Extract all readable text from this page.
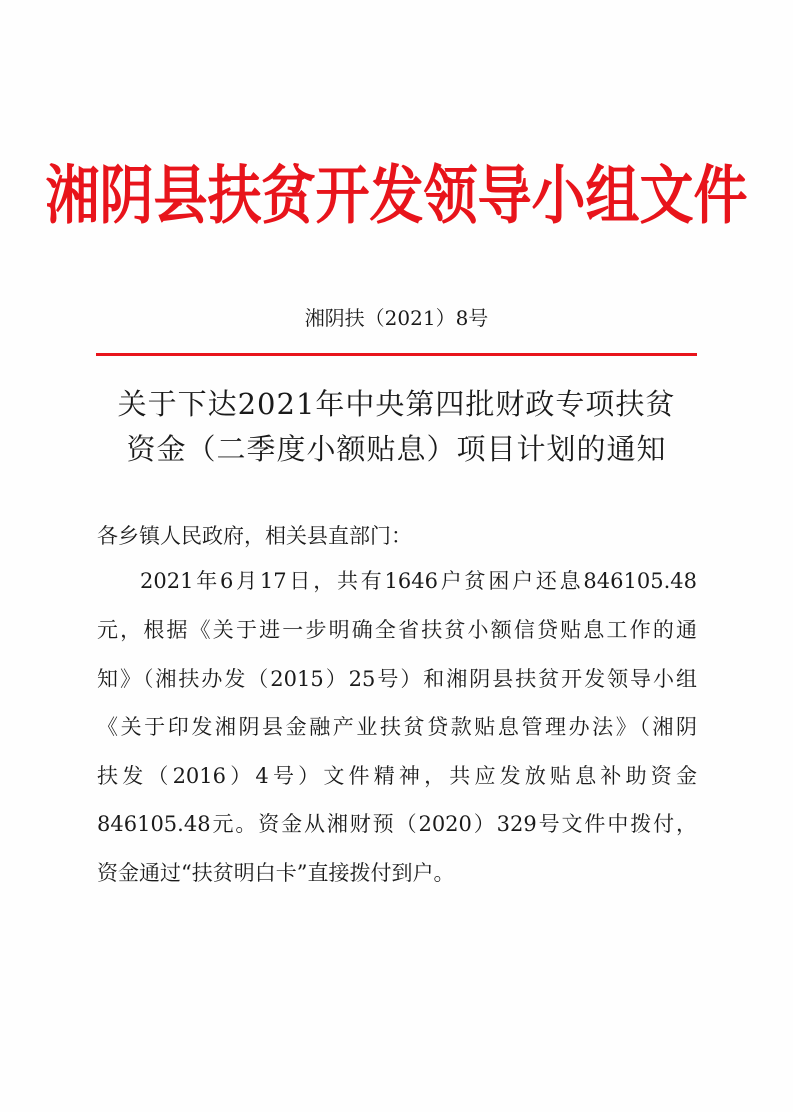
湘阴县扶贫开发领导小组文件
湘阴扶（2021）8号
关于下达2021年中央第四批财政专项扶贫
资金（二季度小额贴息）项目计划的通知
各乡镇人民政府，相关县直部门：
2021年6月17日，共有1646户贫困户还息846105.48
元，根据《关于进一步明确全省扶贫小额信贷贴息工作的通
知》（湘扶办发（2015）25号）和湘阴县扶贫开发领导小组
《关于印发湘阴县金融产业扶贫贷款贴息管理办法》（湘阴
扶发（2016）4号）文件精神，共应发放贴息补助资金
846105.48元。资金从湘财预（2020）329号文件中拨付，
资金通过“扶贫明白卡”直接拨付到户。
